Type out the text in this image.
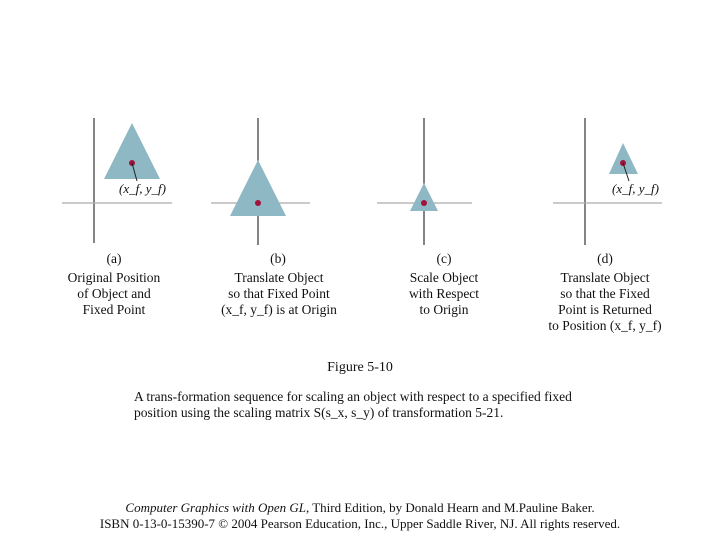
(x_f, y_f)	(x_f, y_f)
(a)	(b)	(c)	(d)
Original Position
of Object and
Fixed Point
Translate Object
so that Fixed Point
(x_f, y_f) is at Origin
Scale Object
with Respect
to Origin
Translate Object
so that the Fixed
Point is Returned
to Position (x_f, y_f)
Figure 5-10
A trans-formation sequence for scaling an object with respect to a specified fixed
position using the scaling matrix S(s_x, s_y) of transformation 5-21.
Computer Graphics with Open GL, Third Edition, by Donald Hearn and M.Pauline Baker.
ISBN 0-13-0-15390-7 © 2004 Pearson Education, Inc., Upper Saddle River, NJ. All rights reserved.
